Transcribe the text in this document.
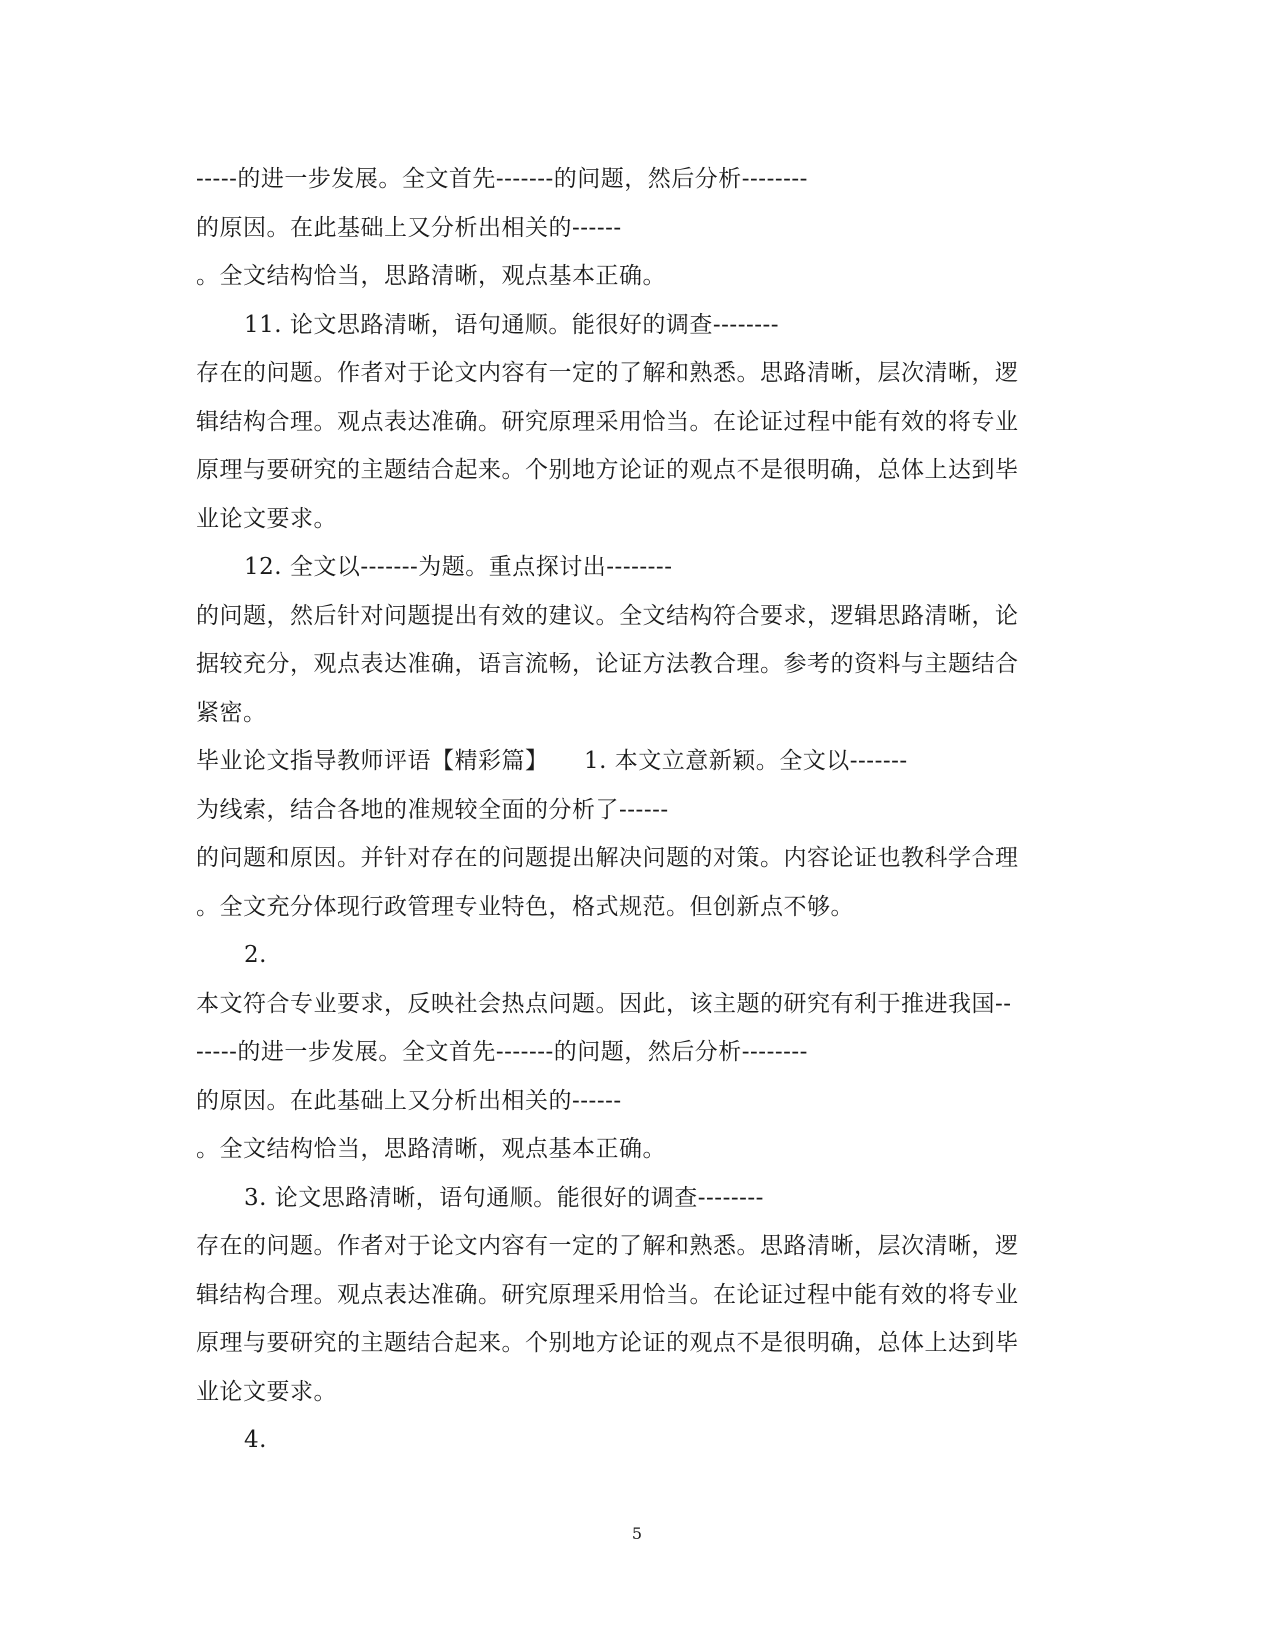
-----的进一步发展。全文首先-------的问题，然后分析--------
的原因。在此基础上又分析出相关的------
。全文结构恰当，思路清晰，观点基本正确。
11. 论文思路清晰，语句通顺。能很好的调查--------
存在的问题。作者对于论文内容有一定的了解和熟悉。思路清晰，层次清晰，逻
辑结构合理。观点表达准确。研究原理采用恰当。在论证过程中能有效的将专业
原理与要研究的主题结合起来。个别地方论证的观点不是很明确，总体上达到毕
业论文要求。
12. 全文以-------为题。重点探讨出--------
的问题，然后针对问题提出有效的建议。全文结构符合要求，逻辑思路清晰，论
据较充分，观点表达准确，语言流畅，论证方法教合理。参考的资料与主题结合
紧密。
毕业论文指导教师评语【精彩篇】　　1. 本文立意新颖。全文以-------
为线索，结合各地的准规较全面的分析了------
的问题和原因。并针对存在的问题提出解决问题的对策。内容论证也教科学合理
。全文充分体现行政管理专业特色，格式规范。但创新点不够。
2.
本文符合专业要求，反映社会热点问题。因此，该主题的研究有利于推进我国--
-----的进一步发展。全文首先-------的问题，然后分析--------
的原因。在此基础上又分析出相关的------
。全文结构恰当，思路清晰，观点基本正确。
3. 论文思路清晰，语句通顺。能很好的调查--------
存在的问题。作者对于论文内容有一定的了解和熟悉。思路清晰，层次清晰，逻
辑结构合理。观点表达准确。研究原理采用恰当。在论证过程中能有效的将专业
原理与要研究的主题结合起来。个别地方论证的观点不是很明确，总体上达到毕
业论文要求。
4.
5
